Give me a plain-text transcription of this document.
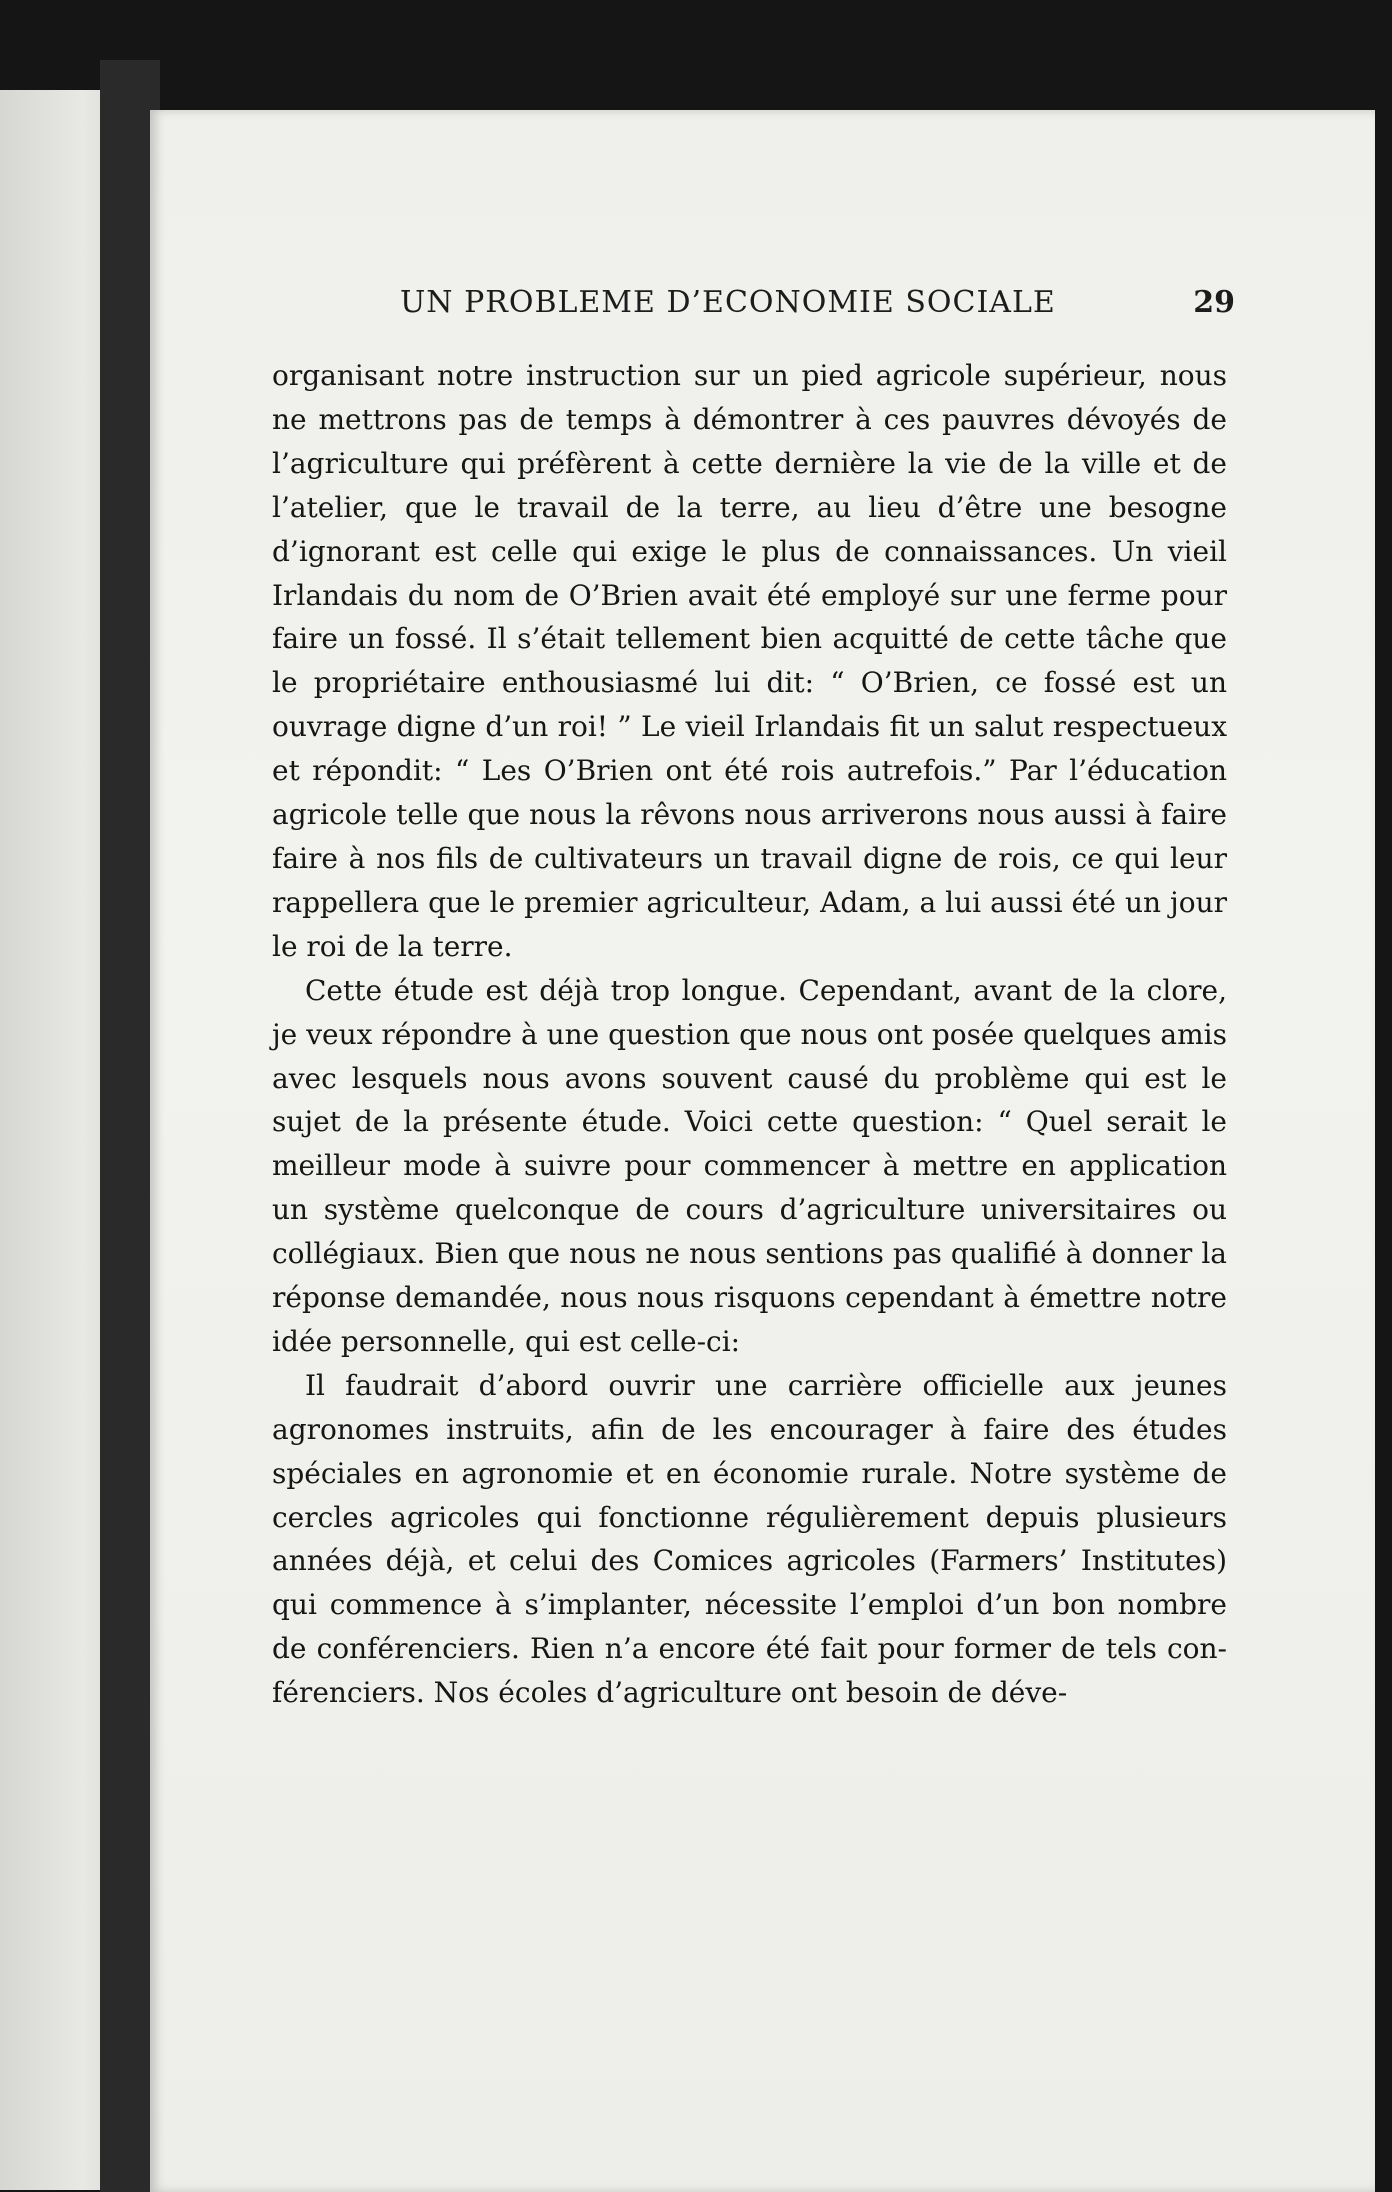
UN PROBLEME D’ECONOMIE SOCIALE	29

organisant notre instruction sur un pied agricole supérieur, nous ne mettrons pas de temps à démontrer à ces pauvres dévoyés de l’agriculture qui préfèrent à cette dernière la vie de la ville et de l’atelier, que le travail de la terre, au lieu d’être une besogne d’ignorant est celle qui exige le plus de connaissances. Un vieil Irlandais du nom de O’Brien avait été employé sur une ferme pour faire un fossé. Il s’était tellement bien acquitté de cette tâche que le propriétaire enthousiasmé lui dit: “ O’Brien, ce fossé est un ouvrage digne d’un roi! ” Le vieil Irlandais fit un salut respectueux et répondit: “ Les O’Brien ont été rois autrefois.” Par l’éducation agricole telle que nous la rêvons nous arriverons nous aussi à faire faire à nos fils de cultivateurs un travail digne de rois, ce qui leur rappellera que le premier agriculteur, Adam, a lui aussi été un jour le roi de la terre.

Cette étude est déjà trop longue. Cependant, avant de la clore, je veux répondre à une question que nous ont posée quelques amis avec lesquels nous avons souvent causé du problème qui est le sujet de la présente étude. Voici cette question: “ Quel serait le meilleur mode à suivre pour commencer à mettre en application un système quelconque de cours d’agriculture universitaires ou collégiaux. Bien que nous ne nous sentions pas qualifié à donner la réponse demandée, nous nous risquons cependant à émettre notre idée personnelle, qui est celle-ci:

Il faudrait d’abord ouvrir une carrière officielle aux jeunes agronomes instruits, afin de les encourager à faire des études spéciales en agronomie et en économie rurale. Notre système de cercles agricoles qui fonctionne régulièrement depuis plusieurs années déjà, et celui des Comices agricoles (Farmers’ Institutes) qui commence à s’implanter, nécessite l’emploi d’un bon nombre de conférenciers. Rien n’a encore été fait pour former de tels conférenciers. Nos écoles d’agriculture ont besoin de déve-
